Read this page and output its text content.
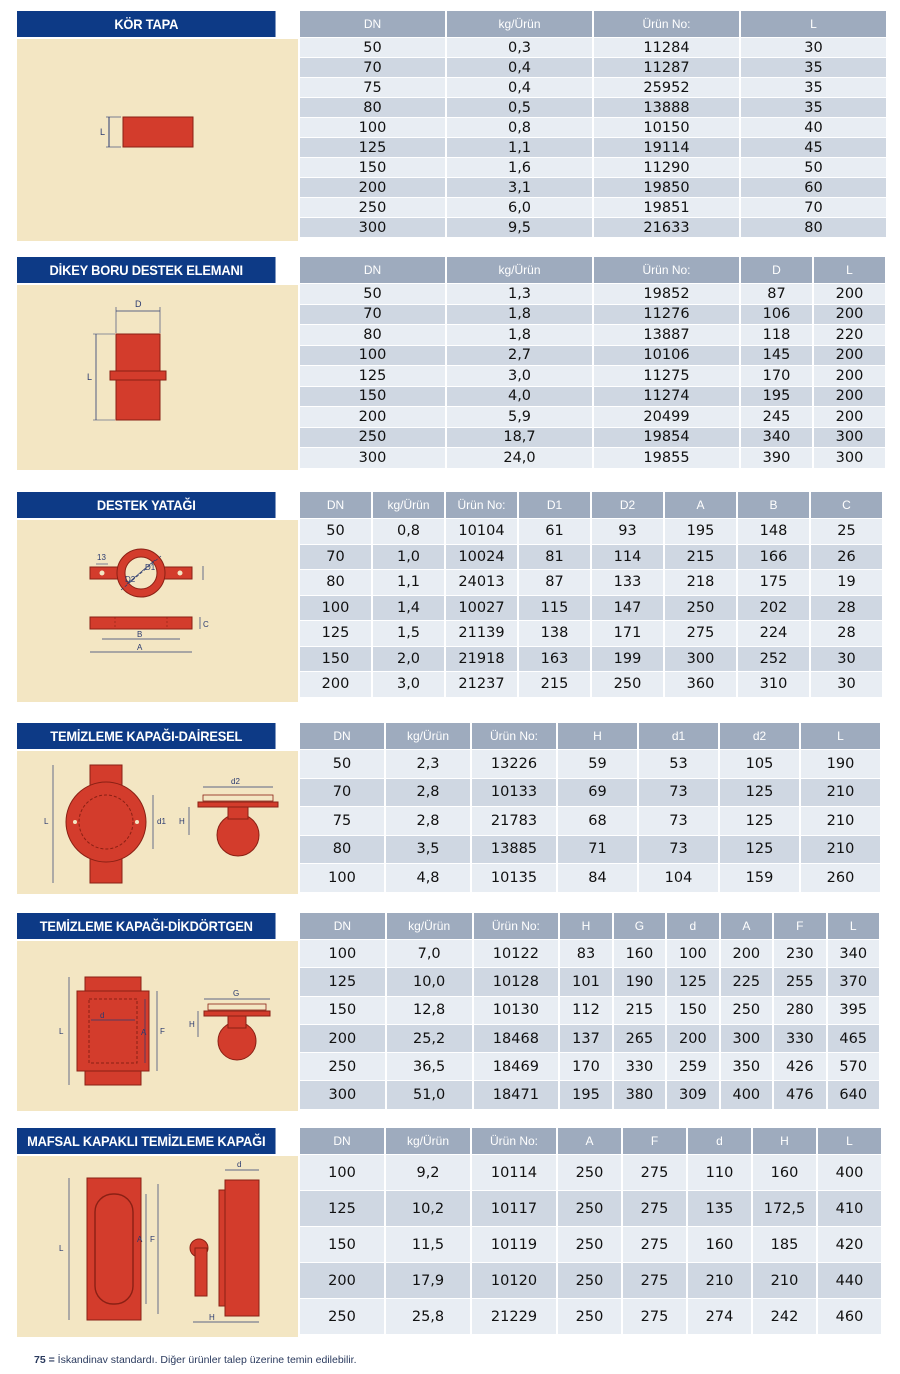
KÖR TAPA
L
DN	kg/Ürün	Ürün No:	L
50	0,3	11284	30
70	0,4	11287	35
75	0,4	25952	35
80	0,5	13888	35
100	0,8	10150	40
125	1,1	19114	45
150	1,6	11290	50
200	3,1	19850	60
250	6,0	19851	70
300	9,5	21633	80
DİKEY BORU DESTEK ELEMANI
D
L
DN	kg/Ürün	Ürün No:	D	L
50	1,3	19852	87	200
70	1,8	11276	106	200
80	1,8	13887	118	220
100	2,7	10106	145	200
125	3,0	11275	170	200
150	4,0	11274	195	200
200	5,9	20499	245	200
250	18,7	19854	340	300
300	24,0	19855	390	300
DESTEK YATAĞI
D1
D2
13
B
A
C
DN	kg/Ürün	Ürün No:	D1	D2	A	B	C
50	0,8	10104	61	93	195	148	25
70	1,0	10024	81	114	215	166	26
80	1,1	24013	87	133	218	175	19
100	1,4	10027	115	147	250	202	28
125	1,5	21139	138	171	275	224	28
150	2,0	21918	163	199	300	252	30
200	3,0	21237	215	250	360	310	30
TEMİZLEME KAPAĞI-DAİRESEL
L	d1
d2
H
DN	kg/Ürün	Ürün No:	H	d1	d2	L
50	2,3	13226	59	53	105	190
70	2,8	10133	69	73	125	210
75	2,8	21783	68	73	125	210
80	3,5	13885	71	73	125	210
100	4,8	10135	84	104	159	260
TEMİZLEME KAPAĞI-DİKDÖRTGEN
L
d
A F
G
H
DN	kg/Ürün	Ürün No:	H	G	d	A	F	L
100	7,0	10122	83	160	100	200	230	340
125	10,0	10128	101	190	125	225	255	370
150	12,8	10130	112	215	150	250	280	395
200	25,2	18468	137	265	200	300	330	465
250	36,5	18469	170	330	259	350	426	570
300	51,0	18471	195	380	309	400	476	640
MAFSAL KAPAKLI TEMİZLEME KAPAĞI
L
A F
d
H
DN	kg/Ürün	Ürün No:	A	F	d	H	L
100	9,2	10114	250	275	110	160	400
125	10,2	10117	250	275	135	172,5	410
150	11,5	10119	250	275	160	185	420
200	17,9	10120	250	275	210	210	440
250	25,8	21229	250	275	274	242	460
75 = İskandinav standardı. Diğer ürünler talep üzerine temin edilebilir.
